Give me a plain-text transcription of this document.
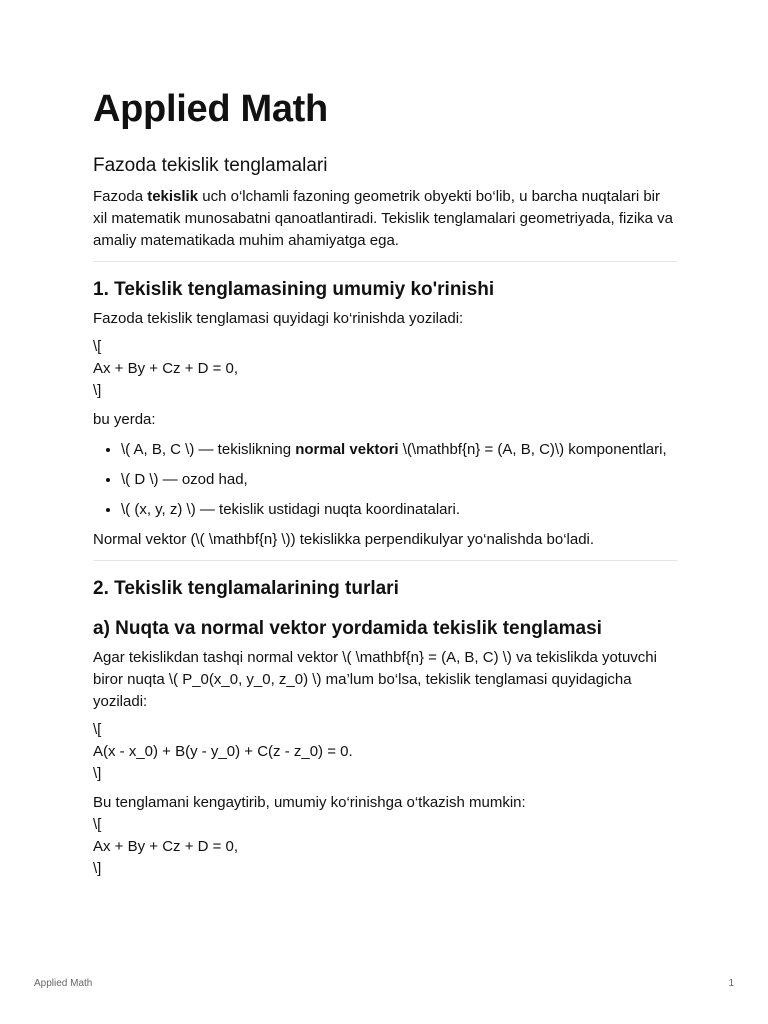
Applied Math
Fazoda tekislik tenglamalari

Fazoda tekislik uch o‘lchamli fazoning geometrik obyekti bo‘lib, u barcha nuqtalari bir xil matematik munosabatni qanoatlantiradi. Tekislik tenglamalari geometriyada, fizika va amaliy matematikada muhim ahamiyatga ega.

1. Tekislik tenglamasining umumiy ko'rinishi

Fazoda tekislik tenglamasi quyidagi ko‘rinishda yoziladi:

\[

Ax + By + Cz + D = 0,

\]

bu yerda:

• \( A, B, C \) — tekislikning normal vektori \(\mathbf{n} = (A, B, C)\) komponentlari,
• \( D \) — ozod had,
• \( (x, y, z) \) — tekislik ustidagi nuqta koordinatalari.

Normal vektor (\( \mathbf{n} \)) tekislikka perpendikulyar yo‘nalishda bo‘ladi.

2. Tekislik tenglamalarining turlari
a) Nuqta va normal vektor yordamida tekislik tenglamasi

Agar tekislikdan tashqi normal vektor \( \mathbf{n} = (A, B, C) \) va tekislikda yotuvchi biror nuqta \( P_0(x_0, y_0, z_0) \) ma’lum bo‘lsa, tekislik tenglamasi quyidagicha yoziladi:

\[

A(x - x_0) + B(y - y_0) + C(z - z_0) = 0.

\]

Bu tenglamani kengaytirib, umumiy ko‘rinishga o‘tkazish mumkin:

\[

Ax + By + Cz + D = 0,

\]

Applied Math	1
